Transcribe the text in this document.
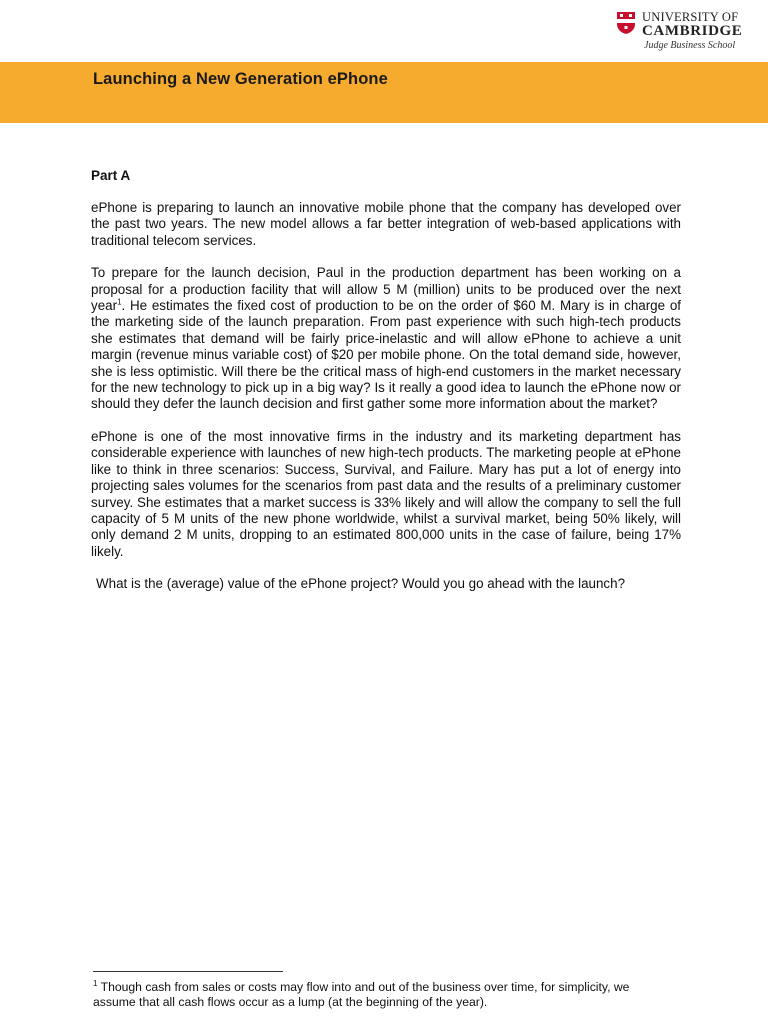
UNIVERSITY OF
CAMBRIDGE
Judge Business School
Launching a New Generation ePhone
Part A

ePhone is preparing to launch an innovative mobile phone that the company has developed over the past two years. The new model allows a far better integration of web-based applications with traditional telecom services.

To prepare for the launch decision, Paul in the production department has been working on a proposal for a production facility that will allow 5 M (million) units to be produced over the next year$^1$. He estimates the fixed cost of production to be on the order of $60 M. Mary is in charge of the marketing side of the launch preparation. From past experience with such high-tech products she estimates that demand will be fairly price-inelastic and will allow ePhone to achieve a unit margin (revenue minus variable cost) of $20 per mobile phone. On the total demand side, however, she is less optimistic. Will there be the critical mass of high-end customers in the market necessary for the new technology to pick up in a big way? Is it really a good idea to launch the ePhone now or should they defer the launch decision and first gather some more information about the market?

ePhone is one of the most innovative firms in the industry and its marketing department has considerable experience with launches of new high-tech products. The marketing people at ePhone like to think in three scenarios: Success, Survival, and Failure. Mary has put a lot of energy into projecting sales volumes for the scenarios from past data and the results of a preliminary customer survey. She estimates that a market success is 33% likely and will allow the company to sell the full capacity of 5 M units of the new phone worldwide, whilst a survival market, being 50% likely, will only demand 2 M units, dropping to an estimated 800,000 units in the case of failure, being 17% likely.

What is the (average) value of the ePhone project? Would you go ahead with the launch?

$^1$ Though cash from sales or costs may flow into and out of the business over time, for simplicity, we assume that all cash flows occur as a lump (at the beginning of the year).
